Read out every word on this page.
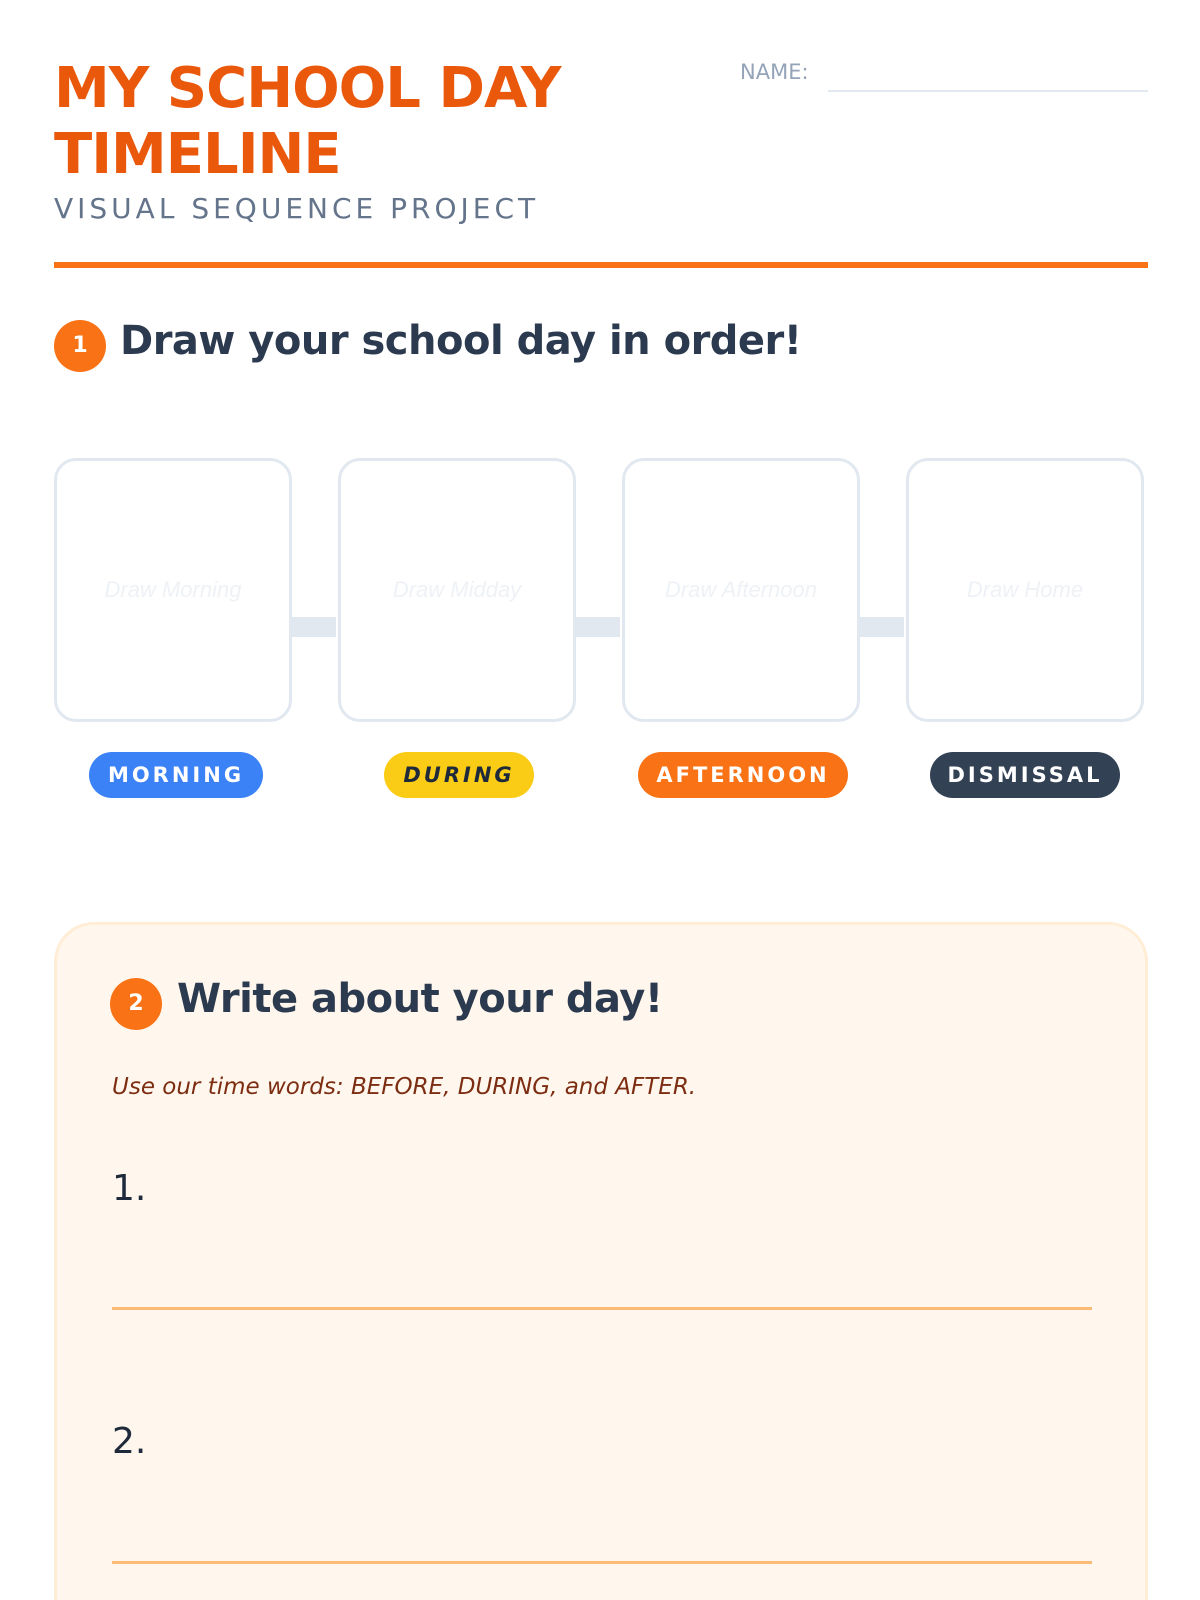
MY SCHOOL DAY TIMELINE

VISUAL SEQUENCE PROJECT

NAME:
1 Draw your school day in order!
Draw Morning	Draw Midday	Draw Afternoon	Draw Home
MORNING	DURING	AFTERNOON	DISMISSAL
2 Write about your day!

Use our time words: BEFORE, DURING, and AFTER.

1.
2.
